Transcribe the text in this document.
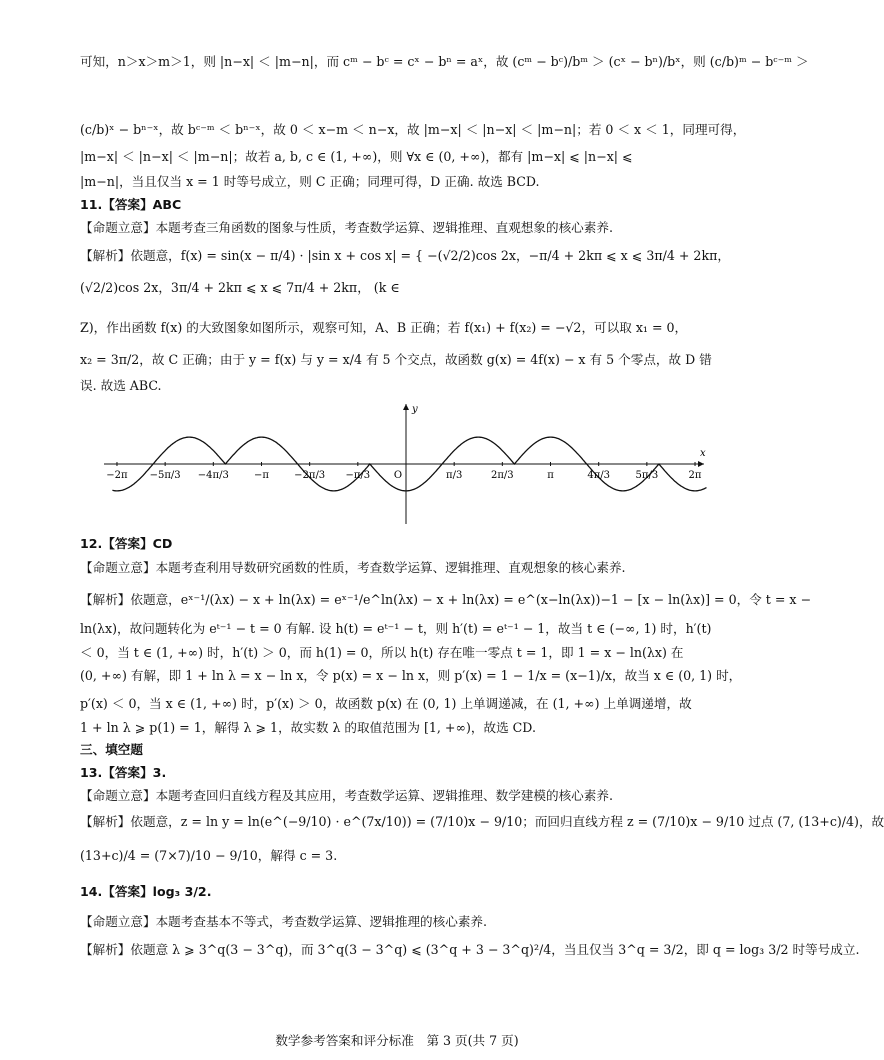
可知，n＞x＞m＞1，则 |n−x| ＜ |m−n|，而 cᵐ − bᶜ = cˣ − bⁿ = aˣ，故 (cᵐ − bᶜ)/bᵐ ＞ (cˣ − bⁿ)/bˣ，则 (c/b)ᵐ − bᶜ⁻ᵐ ＞
(c/b)ˣ − bⁿ⁻ˣ，故 bᶜ⁻ᵐ ＜ bⁿ⁻ˣ，故 0 ＜ x−m ＜ n−x，故 |m−x| ＜ |n−x| ＜ |m−n|；若 0 ＜ x ＜ 1，同理可得，
|m−x| ＜ |n−x| ＜ |m−n|；故若 a, b, c ∈ (1, +∞)，则 ∀x ∈ (0, +∞)，都有 |m−x| ⩽ |n−x| ⩽
|m−n|，当且仅当 x = 1 时等号成立，则 C 正确；同理可得，D 正确. 故选 BCD.
11.【答案】ABC
【命题立意】本题考查三角函数的图象与性质，考查数学运算、逻辑推理、直观想象的核心素养.
【解析】依题意，f(x) = sin(x − π/4) · |sin x + cos x| = { −(√2/2)cos 2x，−π/4 + 2kπ ⩽ x ⩽ 3π/4 + 2kπ，
(√2/2)cos 2x，3π/4 + 2kπ ⩽ x ⩽ 7π/4 + 2kπ， (k ∈
Z)，作出函数 f(x) 的大致图象如图所示，观察可知，A、B 正确；若 f(x₁) + f(x₂) = −√2，可以取 x₁ = 0，
x₂ = 3π/2，故 C 正确；由于 y = f(x) 与 y = x/4 有 5 个交点，故函数 g(x) = 4f(x) − x 有 5 个零点，故 D 错
误. 故选 ABC.
−2π −5π/3 −4π/3	−π	−2π/3 −π/3 O	π/3	2π/3	π	4π/3	5π/3	2π
x
y
12.【答案】CD
【命题立意】本题考查利用导数研究函数的性质，考查数学运算、逻辑推理、直观想象的核心素养.
【解析】依题意，eˣ⁻¹/(λx) − x + ln(λx) = eˣ⁻¹/e^ln(λx) − x + ln(λx) = e^(x−ln(λx))−1 − [x − ln(λx)] = 0，令 t = x −
ln(λx)，故问题转化为 eᵗ⁻¹ − t = 0 有解. 设 h(t) = eᵗ⁻¹ − t，则 h′(t) = eᵗ⁻¹ − 1，故当 t ∈ (−∞, 1) 时，h′(t)
＜ 0，当 t ∈ (1, +∞) 时，h′(t) ＞ 0，而 h(1) = 0，所以 h(t) 存在唯一零点 t = 1，即 1 = x − ln(λx) 在
(0, +∞) 有解，即 1 + ln λ = x − ln x，令 p(x) = x − ln x，则 p′(x) = 1 − 1/x = (x−1)/x，故当 x ∈ (0, 1) 时，
p′(x) ＜ 0，当 x ∈ (1, +∞) 时，p′(x) ＞ 0，故函数 p(x) 在 (0, 1) 上单调递减，在 (1, +∞) 上单调递增，故
1 + ln λ ⩾ p(1) = 1，解得 λ ⩾ 1，故实数 λ 的取值范围为 [1, +∞)，故选 CD.
三、填空题
13.【答案】3.
【命题立意】本题考查回归直线方程及其应用，考查数学运算、逻辑推理、数学建模的核心素养.
【解析】依题意，z = ln y = ln(e^(−9/10) · e^(7x/10)) = (7/10)x − 9/10；而回归直线方程 z = (7/10)x − 9/10 过点 (7, (13+c)/4)，故
(13+c)/4 = (7×7)/10 − 9/10，解得 c = 3.
14.【答案】log₃ 3/2.
【命题立意】本题考查基本不等式，考查数学运算、逻辑推理的核心素养.
【解析】依题意 λ ⩾ 3^q(3 − 3^q)，而 3^q(3 − 3^q) ⩽ (3^q + 3 − 3^q)²/4，当且仅当 3^q = 3/2，即 q = log₃ 3/2 时等号成立.
数学参考答案和评分标准　第 3 页(共 7 页)
